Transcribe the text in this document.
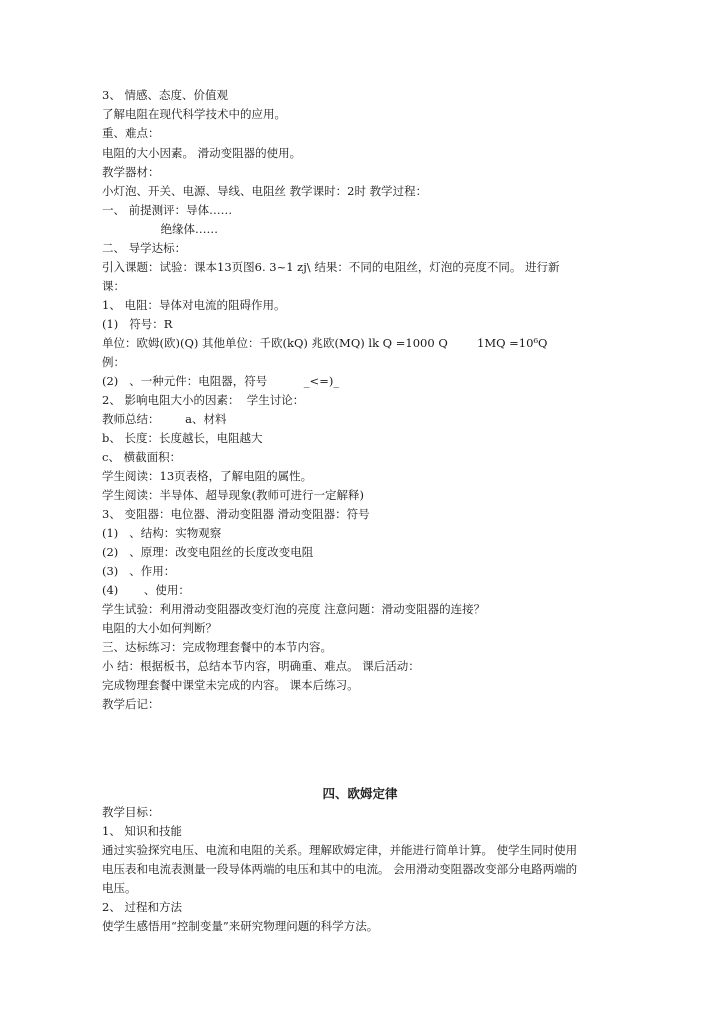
3、 情感、态度、价值观
了解电阻在现代科学技术中的应用。
重、难点：
电阻的大小因素。 滑动变阻器的使用。
教学器材：
小灯泡、开关、电源、导线、电阻丝 教学课时：2时 教学过程：
一、 前提测评：导体……
绝缘体……
二、 导学达标：
引入课题：试验：课本13页图6. 3~1 zj\ 结果：不同的电阻丝，灯泡的亮度不同。 进行新
课：
1、 电阻：导体对电流的阻碍作用。
(1)   符号：R
单位：欧姆(欧)(Q) 其他单位：千欧(kQ) 兆欧(MQ) lk Q =1000 Q        1MQ =10⁶Q
例：
(2)   、一种元件：电阻器，符号          _<=)_
2、 影响电阻大小的因素：  学生讨论：
教师总结：       a、材料
b、 长度：长度越长，电阻越大
c、 横截面积：
学生阅读：13页表格，了解电阻的属性。
学生阅读：半导体、超导现象(教师可进行一定解释)
3、 变阻器：电位器、滑动变阻器 滑动变阻器：符号
(1)   、结构：实物观察
(2)   、原理：改变电阻丝的长度改变电阻
(3)   、作用：
(4)       、使用：
学生试验：利用滑动变阻器改变灯泡的亮度 注意问题：滑动变阻器的连接？
电阻的大小如何判断？
三、达标练习：完成物理套餐中的本节内容。
小 结：根据板书，总结本节内容，明确重、难点。 课后活动：
完成物理套餐中课堂未完成的内容。 课本后练习。
教学后记：
四、欧姆定律
教学目标：
1、 知识和技能
通过实验探究电压、电流和电阻的关系。理解欧姆定律，并能进行简单计算。 使学生同时使用
电压表和电流表测量一段导体两端的电压和其中的电流。 会用滑动变阻器改变部分电路两端的
电压。
2、 过程和方法
使学生感悟用“控制变量”来研究物理问题的科学方法。
